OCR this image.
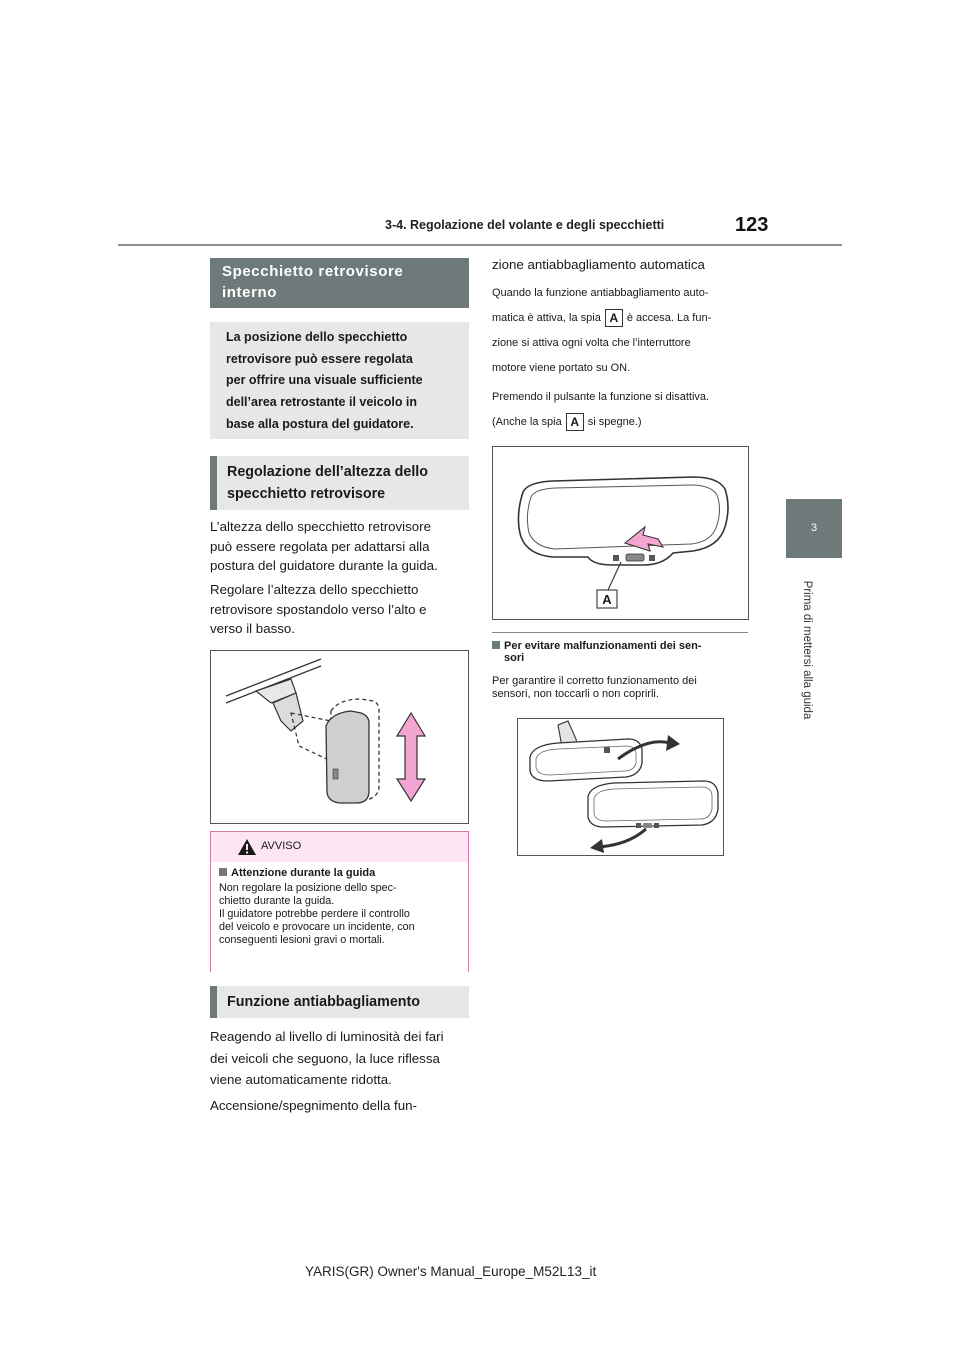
3-4. Regolazione del volante e degli specchietti	123
3
Prima di mettersi alla guida
Specchietto retrovisore
interno
La posizione dello specchietto
retrovisore può essere regolata
per offrire una visuale sufficiente
dell’area retrostante il veicolo in
base alla postura del guidatore.
Regolazione dell’altezza dello
specchietto retrovisore
L’altezza dello specchietto retrovisore
può essere regolata per adattarsi alla
postura del guidatore durante la guida.
Regolare l’altezza dello specchietto
retrovisore spostandolo verso l’alto e
verso il basso.
AVVISO
Attenzione durante la guida
Non regolare la posizione dello spec-
chietto durante la guida.
Il guidatore potrebbe perdere il controllo
del veicolo e provocare un incidente, con
conseguenti lesioni gravi o mortali.
Funzione antiabbagliamento
Reagendo al livello di luminosità dei fari
dei veicoli che seguono, la luce riflessa
viene automaticamente ridotta.
Accensione/spegnimento della fun-
zione antiabbagliamento automatica
Quando la funzione antiabbagliamento auto-
matica è attiva, la spia A è accesa. La fun-
zione si attiva ogni volta che l’interruttore
motore viene portato su ON.
Premendo il pulsante la funzione si disattiva.
(Anche la spia A si spegne.)
A
Per evitare malfunzionamenti dei sen-
sori
Per garantire il corretto funzionamento dei
sensori, non toccarli o non coprirli.
YARIS(GR) Owner's Manual_Europe_M52L13_it
